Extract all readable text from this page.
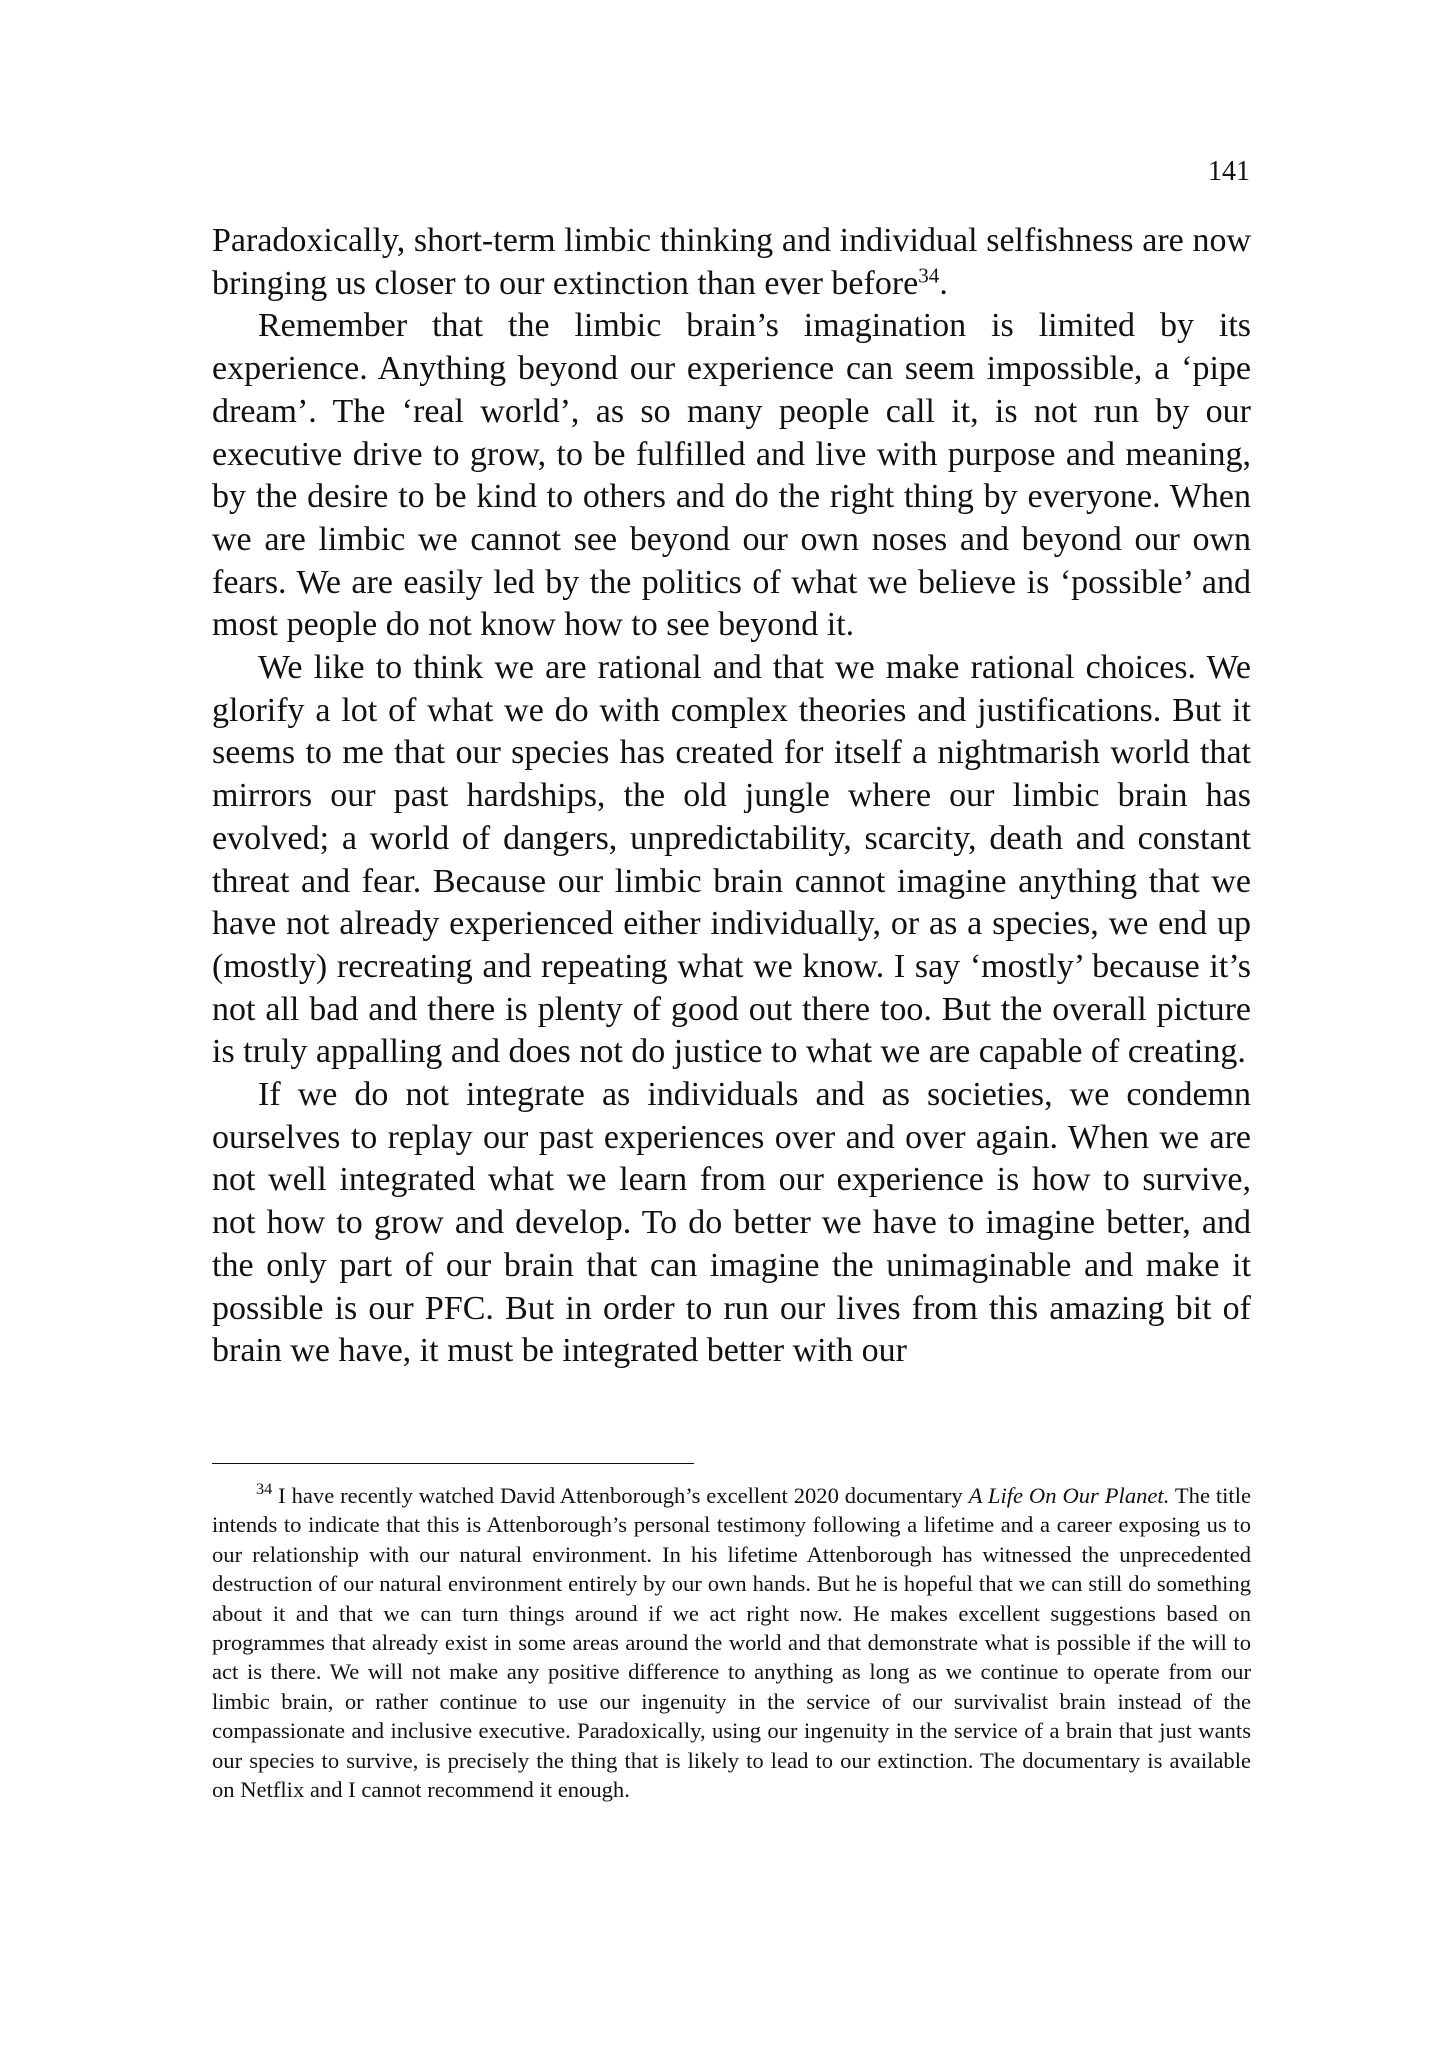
141

Paradoxically, short-term limbic thinking and individual selfishness are now bringing us closer to our extinction than ever before$^{34}$.

Remember that the limbic brain’s imagination is limited by its experience. Anything beyond our experience can seem impossible, a ‘pipe dream’. The ‘real world’, as so many people call it, is not run by our executive drive to grow, to be fulfilled and live with purpose and meaning, by the desire to be kind to others and do the right thing by everyone. When we are limbic we cannot see beyond our own noses and beyond our own fears. We are easily led by the politics of what we believe is ‘possible’ and most people do not know how to see beyond it.

We like to think we are rational and that we make rational choices. We glorify a lot of what we do with complex theories and justifications. But it seems to me that our species has created for itself a nightmarish world that mirrors our past hardships, the old jungle where our limbic brain has evolved; a world of dangers, unpredictability, scarcity, death and constant threat and fear. Because our limbic brain cannot imagine anything that we have not already experienced either individually, or as a species, we end up (mostly) recreating and repeating what we know. I say ‘mostly’ because it’s not all bad and there is plenty of good out there too. But the overall picture is truly appalling and does not do justice to what we are capable of creating.

If we do not integrate as individuals and as societies, we condemn ourselves to replay our past experiences over and over again. When we are not well integrated what we learn from our experience is how to survive, not how to grow and develop. To do better we have to imagine better, and the only part of our brain that can imagine the unimaginable and make it possible is our PFC. But in order to run our lives from this amazing bit of brain we have, it must be integrated better with our

$^{34}$ I have recently watched David Attenborough’s excellent 2020 documentary A Life On Our Planet. The title intends to indicate that this is Attenborough’s personal testimony following a lifetime and a career exposing us to our relationship with our natural environment. In his lifetime Attenborough has witnessed the unprecedented destruction of our natural environment entirely by our own hands. But he is hopeful that we can still do something about it and that we can turn things around if we act right now. He makes excellent suggestions based on programmes that already exist in some areas around the world and that demonstrate what is possible if the will to act is there. We will not make any positive difference to anything as long as we continue to operate from our limbic brain, or rather continue to use our ingenuity in the service of our survivalist brain instead of the compassionate and inclusive executive. Paradoxically, using our ingenuity in the service of a brain that just wants our species to survive, is precisely the thing that is likely to lead to our extinction. The documentary is available on Netflix and I cannot recommend it enough.
